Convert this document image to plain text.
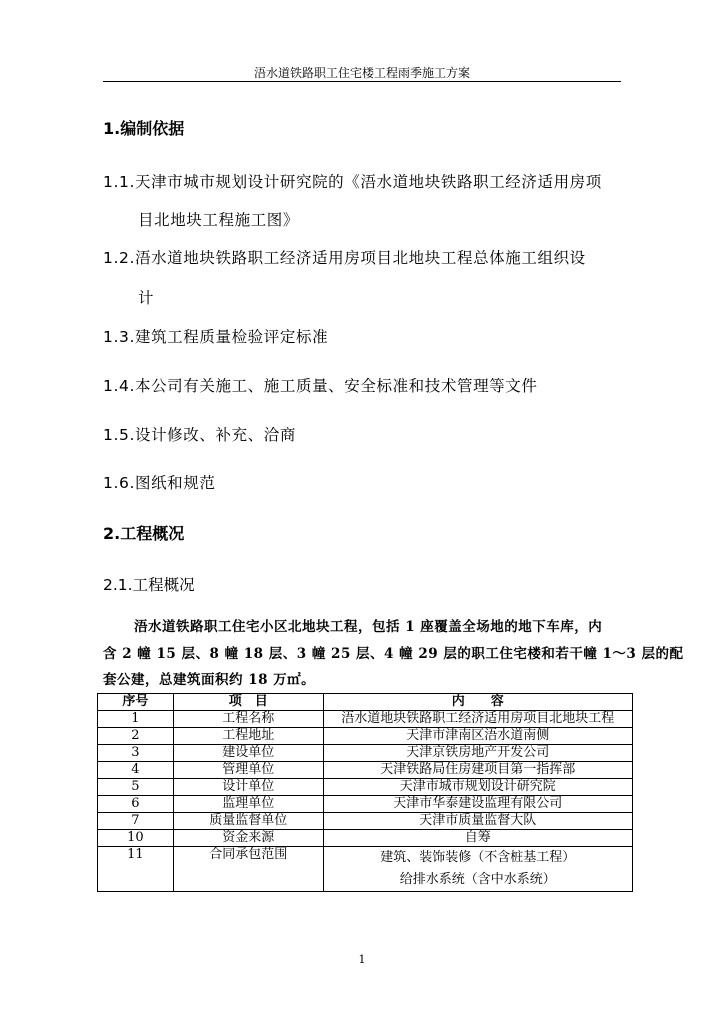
浯水道铁路职工住宅楼工程雨季施工方案
1.编制依据
1.1.天津市城市规划设计研究院的《浯水道地块铁路职工经济适用房项
目北地块工程施工图》
1.2.浯水道地块铁路职工经济适用房项目北地块工程总体施工组织设
计
1.3.建筑工程质量检验评定标准
1.4.本公司有关施工、施工质量、安全标准和技术管理等文件
1.5.设计修改、补充、洽商
1.6.图纸和规范
2.工程概况
2.1.工程概况
浯水道铁路职工住宅小区北地块工程，包括 1 座覆盖全场地的地下车库，内
含 2 幢 15 层、8 幢 18 层、3 幢 25 层、4 幢 29 层的职工住宅楼和若干幢 1～3 层的配
套公建，总建筑面积约 18 万㎡。
序号	项　目	内　　容
1	工程名称	浯水道地块铁路职工经济适用房项目北地块工程
2	工程地址	天津市津南区浯水道南侧
3	建设单位	天津京铁房地产开发公司
4	管理单位	天津铁路局住房建项目第一指挥部
5	设计单位	天津市城市规划设计研究院
6	监理单位	天津市华泰建设监理有限公司
7	质量监督单位	天津市质量监督大队
10	资金来源	自筹
11	合同承包范围	建筑、装饰装修（不含桩基工程）
给排水系统（含中水系统）
1
